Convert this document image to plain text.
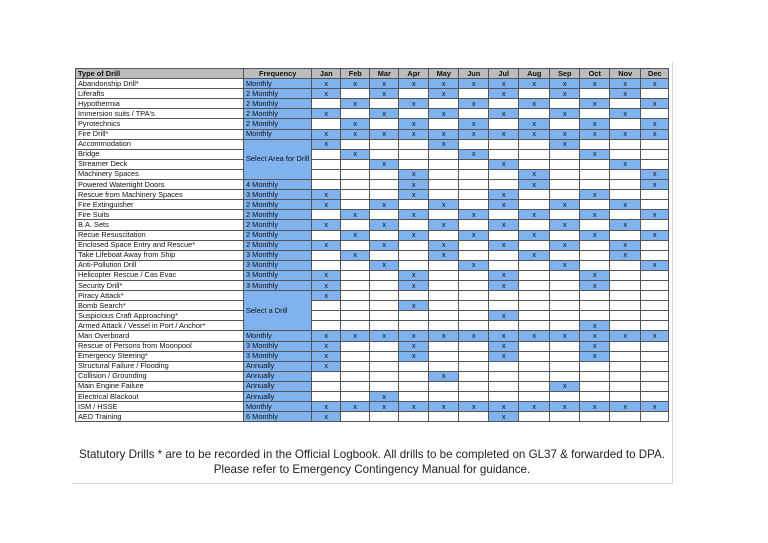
Type of Drill	Frequency	Jan	Feb	Mar	Apr	May	Jun	Jul	Aug	Sep	Oct	Nov	Dec
Abandonship Drill*	Monthly	x	x	x	x	x	x	x	x	x	x	x	x
Liferafts	2 Monthly	x		x		x		x		x		x	
Hypothermia	2 Monthly		x		x		x		x		x		x
Immersion suits / TPA's	2 Monthly	x		x		x		x		x		x	
Pyrotechnics	2 Monthly		x		x		x		x		x		x
Fire Drill*	Monthly	x	x	x	x	x	x	x	x	x	x	x	x
Accommodation	Select Area for Drill	x				x				x			
Bridge			x				x				x		
Streamer Deck				x				x				x	
Machinery Spaces					x				x				x
Powered Watertight Doors	4 Monthly				x				x				x
Rescue from Machinery Spaces	3 Monthly	x			x			x			x		
Fire Extinguisher	2 Monthly	x		x		x		x		x		x	
Fire Suits	2 Monthly		x		x		x		x		x		x
B.A. Sets	2 Monthly	x		x		x		x		x		x	
Recue Resuscitation	2 Monthly		x		x		x		x		x		x
Enclosed Space Entry and Rescue*	2 Monthly	x		x		x		x		x		x	
Take Lifeboat Away from Ship	3 Monthly		x			x			x			x	
Anti-Pollution Drill	3 Monthly			x			x			x			x
Helicopter Rescue / Cas Evac	3 Monthly	x			x			x			x		
Security Drill*	3 Monthly	x			x			x			x		
Piracy Attack*	Select a Drill	x											
Bomb Search*					x								
Suspicious Craft Approaching*								x					
Armed Attack / Vessel in Port / Anchor*											x		
Man Overboard	Monthly	x	x	x	x	x	x	x	x	x	x	x	x
Rescue of Persons from Moonpool	3 Monthly	x			x			x			x		
Emergency Steering*	3 Monthly	x			x			x			x		
Structural Failure / Flooding	Annually	x											
Collision / Grounding	Annually					x							
Main Engine Failure	Annually									x			
Electrical Blackout	Annually			x									
ISM / HSSE	Monthly	x	x	x	x	x	x	x	x	x	x	x	x
AED Training	6 Monthly	x						x					
Statutory Drills * are to be recorded in the Official Logbook. All drills to be completed on GL37 & forwarded to DPA. Please refer to Emergency Contingency Manual for guidance.
